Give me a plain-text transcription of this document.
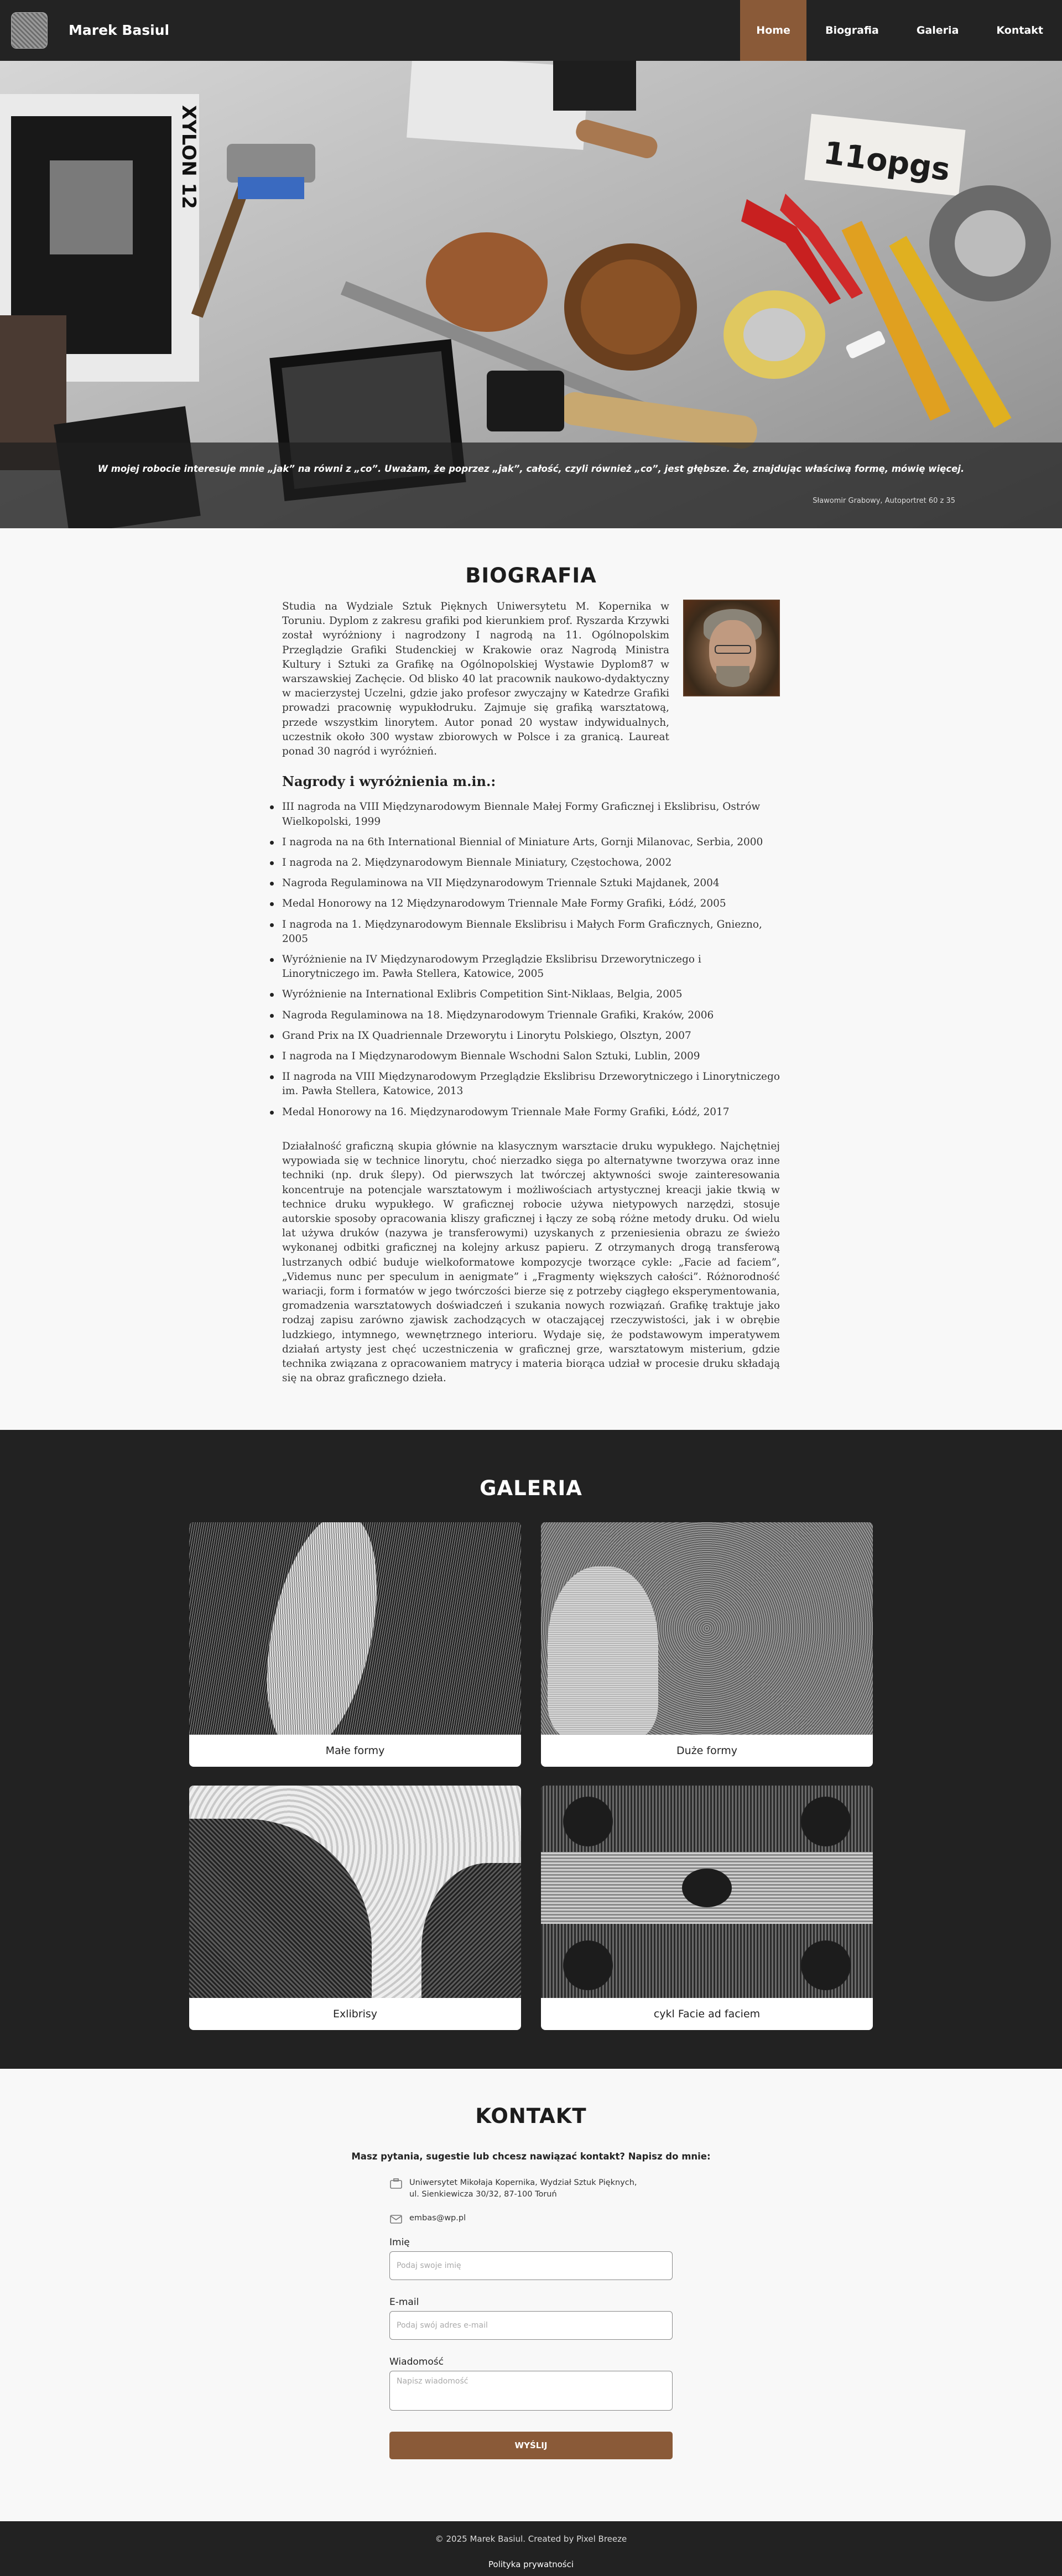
Marek Basiul	Home	Biografia	Galeria	Kontakt
XYLON 12	11opgs

W mojej robocie interesuje mnie „jak” na równi z „co”. Uważam, że poprzez „jak”, całość, czyli również „co”, jest głębsze. Że, znajdując właściwą formę, mówię więcej.

Sławomir Grabowy, Autoportret 60 z 35

BIOGRAFIA

Studia na Wydziale Sztuk Pięknych Uniwersytetu M. Kopernika w Toruniu. Dyplom z zakresu grafiki pod kierunkiem prof. Ryszarda Krzywki został wyróżniony i nagrodzony I nagrodą na 11. Ogólnopolskim Przeglądzie Grafiki Studenckiej w Krakowie oraz Nagrodą Ministra Kultury i Sztuki za Grafikę na Ogólnopolskiej Wystawie Dyplom87 w warszawskiej Zachęcie. Od blisko 40 lat pracownik naukowo-dydaktyczny w macierzystej Uczelni, gdzie jako profesor zwyczajny w Katedrze Grafiki prowadzi pracownię wypukłodruku. Zajmuje się grafiką warsztatową, przede wszystkim linorytem. Autor ponad 20 wystaw indywidualnych, uczestnik około 300 wystaw zbiorowych w Polsce i za granicą. Laureat ponad 30 nagród i wyróżnień.

Nagrody i wyróżnienia m.in.:
III nagroda na VIII Międzynarodowym Biennale Małej Formy Graficznej i Ekslibrisu, Ostrów Wielkopolski, 1999
I nagroda na na 6th International Biennial of Miniature Arts, Gornji Milanovac, Serbia, 2000
I nagroda na 2. Międzynarodowym Biennale Miniatury, Częstochowa, 2002
Nagroda Regulaminowa na VII Międzynarodowym Triennale Sztuki Majdanek, 2004
Medal Honorowy na 12 Międzynarodowym Triennale Małe Formy Grafiki, Łódź, 2005
I nagroda na 1. Międzynarodowym Biennale Ekslibrisu i Małych Form Graficznych, Gniezno, 2005
Wyróżnienie na IV Międzynarodowym Przeglądzie Ekslibrisu Drzeworytniczego i Linorytniczego im. Pawła Stellera, Katowice, 2005
Wyróżnienie na International Exlibris Competition Sint-Niklaas, Belgia, 2005
Nagroda Regulaminowa na 18. Międzynarodowym Triennale Grafiki, Kraków, 2006
Grand Prix na IX Quadriennale Drzeworytu i Linorytu Polskiego, Olsztyn, 2007
I nagroda na I Międzynarodowym Biennale Wschodni Salon Sztuki, Lublin, 2009
II nagroda na VIII Międzynarodowym Przeglądzie Ekslibrisu Drzeworytniczego i Linorytniczego im. Pawła Stellera, Katowice, 2013
Medal Honorowy na 16. Międzynarodowym Triennale Małe Formy Grafiki, Łódź, 2017

Działalność graficzną skupia głównie na klasycznym warsztacie druku wypukłego. Najchętniej wypowiada się w technice linorytu, choć nierzadko sięga po alternatywne tworzywa oraz inne techniki (np. druk ślepy). Od pierwszych lat twórczej aktywności swoje zainteresowania koncentruje na potencjale warsztatowym i możliwościach artystycznej kreacji jakie tkwią w technice druku wypukłego. W graficznej robocie używa nietypowych narzędzi, stosuje autorskie sposoby opracowania kliszy graficznej i łączy ze sobą różne metody druku. Od wielu lat używa druków (nazywa je transferowymi) uzyskanych z przeniesienia obrazu ze świeżo wykonanej odbitki graficznej na kolejny arkusz papieru. Z otrzymanych drogą transferową lustrzanych odbić buduje wielkoformatowe kompozycje tworzące cykle: „Facie ad faciem”, „Videmus nunc per speculum in aenigmate” i „Fragmenty większych całości”. Różnorodność wariacji, form i formatów w jego twórczości bierze się z potrzeby ciągłego eksperymentowania, gromadzenia warsztatowych doświadczeń i szukania nowych rozwiązań. Grafikę traktuje jako rodzaj zapisu zarówno zjawisk zachodzących w otaczającej rzeczywistości, jak i w obrębie ludzkiego, intymnego, wewnętrznego interioru. Wydaje się, że podstawowym imperatywem działań artysty jest chęć uczestniczenia w graficznej grze, warsztatowym misterium, gdzie technika związana z opracowaniem matrycy i materia biorąca udział w procesie druku składają się na obraz graficznego dzieła.

GALERIA
Małe formy	Duże formy
Exlibrisy	cykl Facie ad faciem
KONTAKT

Masz pytania, sugestie lub chcesz nawiązać kontakt? Napisz do mnie:

Uniwersytet Mikołaja Kopernika, Wydział Sztuk Pięknych,
ul. Sienkiewicza 30/32, 87-100 Toruń
embas@wp.pl
Imię
Podaj swoje imię
E-mail
Podaj swój adres e-mail
Wiadomość
Napisz wiadomość
WYŚLIJ
© 2025 Marek Basiul. Created by Pixel Breeze
Polityka prywatności
